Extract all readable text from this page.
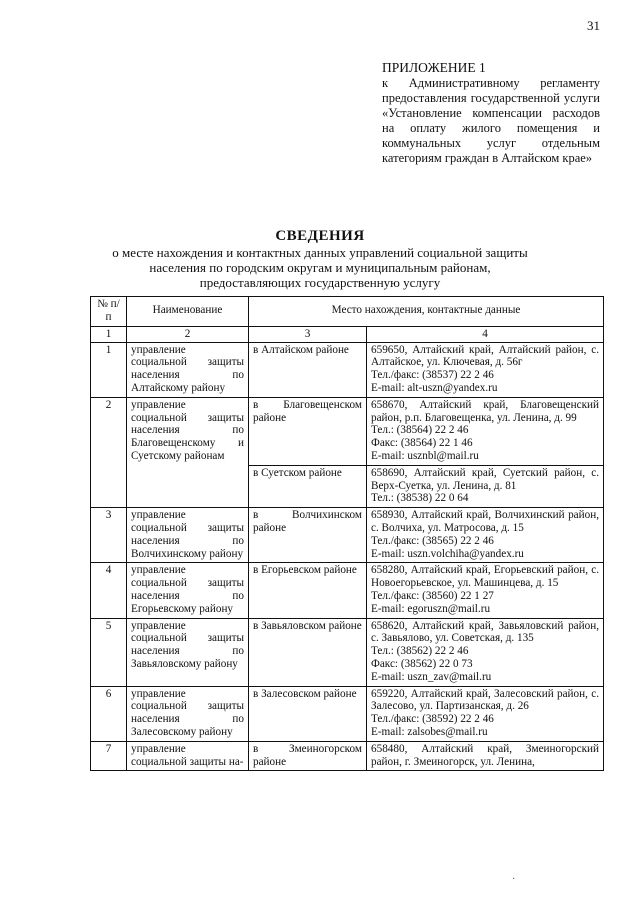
31
ПРИЛОЖЕНИЕ 1
к Административному регламенту предоставления государственной услуги «Установление компенсации расходов на оплату жилого помещения и коммунальных услуг отдельным категориям граждан в Алтайском крае»
СВЕДЕНИЯ
о месте нахождения и контактных данных управлений социальной защиты населения по городским округам и муниципальным районам, предоставляющих государственную услугу
№ п/п	Наименование	Место нахождения, контактные данные	
1	2	3	4
1	управление социальной защиты населения по Алтайскому району	в Алтайском районе	659650, Алтайский край, Алтайский район, с. Алтайское, ул. Ключевая, д. 56г
Тел./факс: (38537) 22 2 46
E-mail: alt-uszn@yandex.ru

2	управление социальной защиты населения по Благовещенскому и Суетскому районам	в Благовещенском районе	658670, Алтайский край, Благовещенский район, р.п. Благовещенка, ул. Ленина, д. 99
Тел.: (38564) 22 2 46
Факс: (38564) 22 1 46
E-mail: usznbl@mail.ru

		в Суетском районе	658690, Алтайский край, Суетский район, с. Верх-Суетка, ул. Ленина, д. 81
Тел.: (38538) 22 0 64

3	управление социальной защиты населения по Волчихинскому району	в Волчихинском районе	658930, Алтайский край, Волчихинский район, с. Волчиха, ул. Матросова, д. 15
Тел./факс: (38565) 22 2 46
E-mail: uszn.volchiha@yandex.ru

4	управление социальной защиты населения по Егорьевскому району	в Егорьевском районе	658280, Алтайский край, Егорьевский район, с. Новоегорьевское, ул. Машинцева, д. 15
Тел./факс: (38560) 22 1 27
E-mail: egoruszn@mail.ru

5	управление социальной защиты населения по Завьяловскому району	в Завьяловском районе	658620, Алтайский край, Завьяловский район, с. Завьялово, ул. Советская, д. 135
Тел.: (38562) 22 2 46
Факс: (38562) 22 0 73
E-mail: uszn_zav@mail.ru

6	управление социальной защиты населения по Залесовскому району	в Залесовском районе	659220, Алтайский край, Залесовский район, с. Залесово, ул. Партизанская, д. 26
Тел./факс: (38592) 22 2 46
E-mail: zalsobes@mail.ru

7	управление социальной защиты на-	в Змеиногорском районе	658480, Алтайский край, Змеиногорский район, г. Змеиногорск, ул. Ленина,
·
